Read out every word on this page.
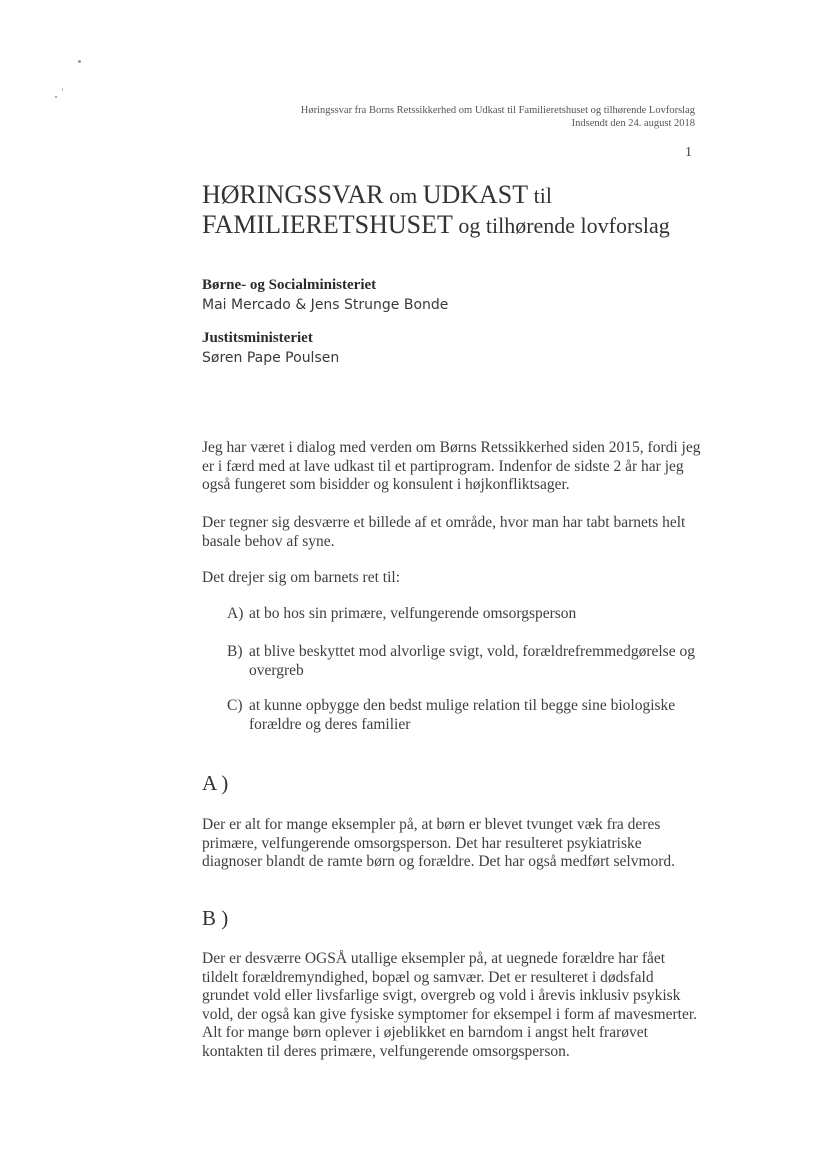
Høringssvar fra Borns Retssikkerhed om Udkast til Familieretshuset og tilhørende Lovforslag
Indsendt den 24. august 2018
1
HØRINGSSVAR om UDKAST til
FAMILIERETSHUSET og tilhørende lovforslag
Børne- og Socialministeriet
Mai Mercado & Jens Strunge Bonde
Justitsministeriet
Søren Pape Poulsen

Jeg har været i dialog med verden om Børns Retssikkerhed siden 2015, fordi jeg er i færd med at lave udkast til et partiprogram. Indenfor de sidste 2 år har jeg også fungeret som bisidder og konsulent i højkonfliktsager.

Der tegner sig desværre et billede af et område, hvor man har tabt barnets helt basale behov af syne.

Det drejer sig om barnets ret til:

A) at bo hos sin primære, velfungerende omsorgsperson
B) at blive beskyttet mod alvorlige svigt, vold, forældrefremmedgørelse og overgreb
C) at kunne opbygge den bedst mulige relation til begge sine biologiske forældre og deres familier
A )

Der er alt for mange eksempler på, at børn er blevet tvunget væk fra deres primære, velfungerende omsorgsperson. Det har resulteret psykiatriske diagnoser blandt de ramte børn og forældre. Det har også medført selvmord.

B )

Der er desværre OGSÅ utallige eksempler på, at uegnede forældre har fået tildelt forældremyndighed, bopæl og samvær. Det er resulteret i dødsfald grundet vold eller livsfarlige svigt, overgreb og vold i årevis inklusiv psykisk vold, der også kan give fysiske symptomer for eksempel i form af mavesmerter. Alt for mange børn oplever i øjeblikket en barndom i angst helt frarøvet kontakten til deres primære, velfungerende omsorgsperson.
